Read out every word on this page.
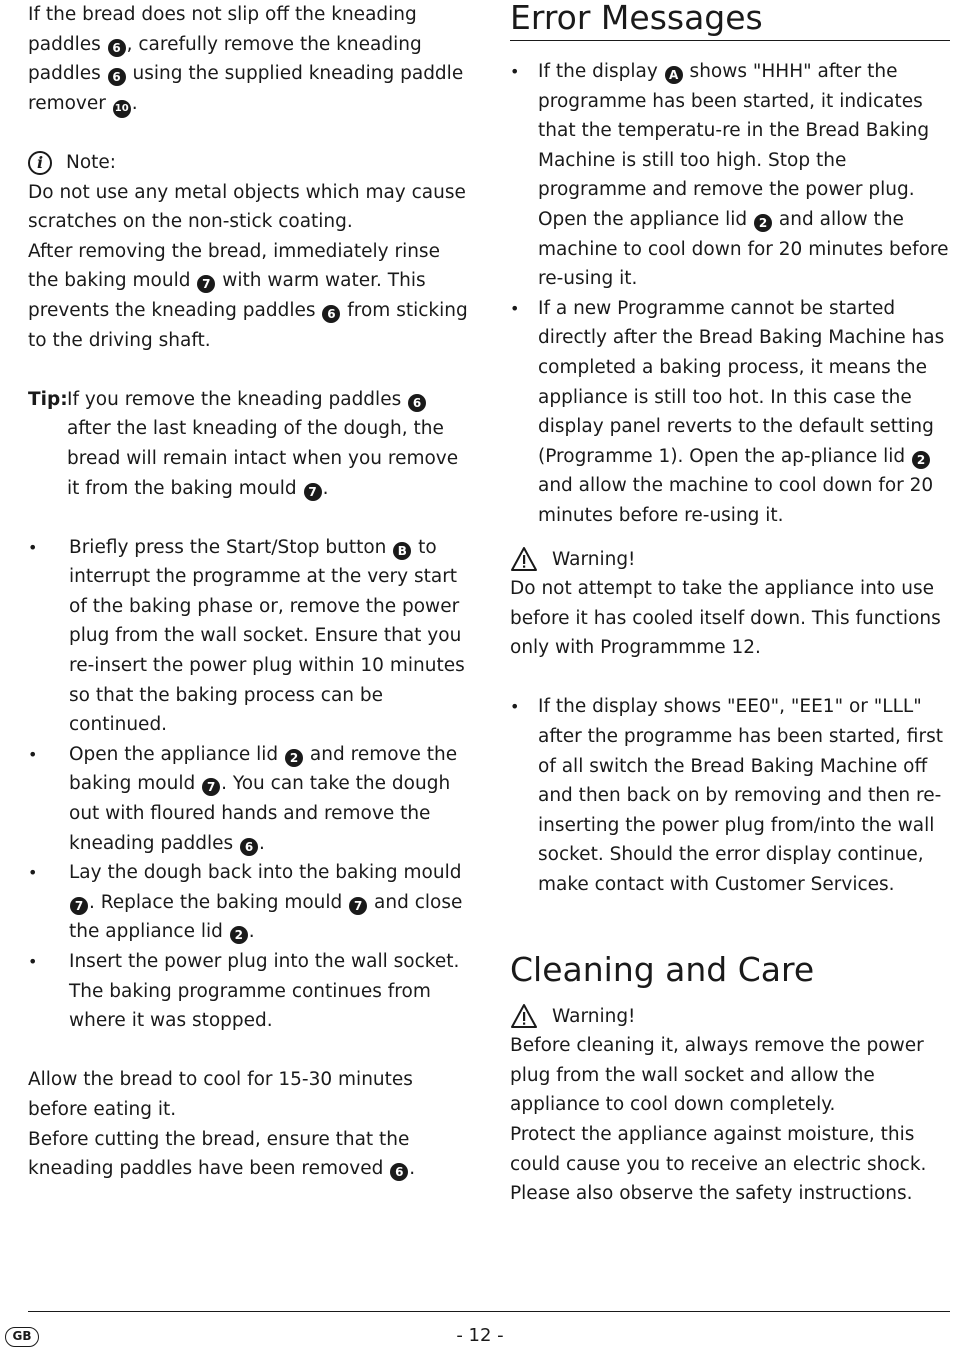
If the bread does not slip off the kneading paddles 6 , carefully remove the kneading paddles 6 using the supplied kneading paddle remover 10 .

i	Note:

Do not use any metal objects which may cause scratches on the non-stick coating.

After removing the bread, immediately rinse the baking mould 7 with warm water. This prevents the kneading paddles 6 from sticking to the driving shaft.

Tip: If you remove the kneading paddles 6 after the last kneading of the dough, the bread will remain intact when you remove it from the baking mould 7 .

• Briefly press the Start/Stop button B to interrupt the programme at the very start of the baking phase or, remove the power plug from the wall socket. Ensure that you re-insert the power plug within 10 minutes so that the baking process can be continued.
• Open the appliance lid 2 and remove the baking mould 7 . You can take the dough out with floured hands and remove the kneading paddles 6 .
• Lay the dough back into the baking mould 7 . Replace the baking mould 7 and close the appliance lid 2 .
• Insert the power plug into the wall socket. The baking programme continues from where it was stopped.

Allow the bread to cool for 15-30 minutes before eating it.

Before cutting the bread, ensure that the kneading paddles have been removed 6 .

Error Messages
• If the display A shows "HHH" after the programme has been started, it indicates that the temperatu-re in the Bread Baking Machine is still too high. Stop the programme and remove the power plug. Open the appliance lid 2 and allow the machine to cool down for 20 minutes before re-using it.
• If a new Programme cannot be started directly after the Bread Baking Machine has completed a baking process, it means the appliance is still too hot. In this case the display panel reverts to the default setting (Programme 1). Open the ap-pliance lid 2 and allow the machine to cool down for 20 minutes before re-using it.
Warning!

Do not attempt to take the appliance into use before it has cooled itself down. This functions only with Programmme 12.

• If the display shows "EE0", "EE1" or "LLL" after the programme has been started, first of all switch the Bread Baking Machine off and then back on by removing and then re-inserting the power plug from/into the wall socket. Should the error display continue, make contact with Customer Services.
Cleaning and Care
Warning!

Before cleaning it, always remove the power plug from the wall socket and allow the appliance to cool down completely.

Protect the appliance against moisture, this could cause you to receive an electric shock.

Please also observe the safety instructions.

GB	- 12 -
